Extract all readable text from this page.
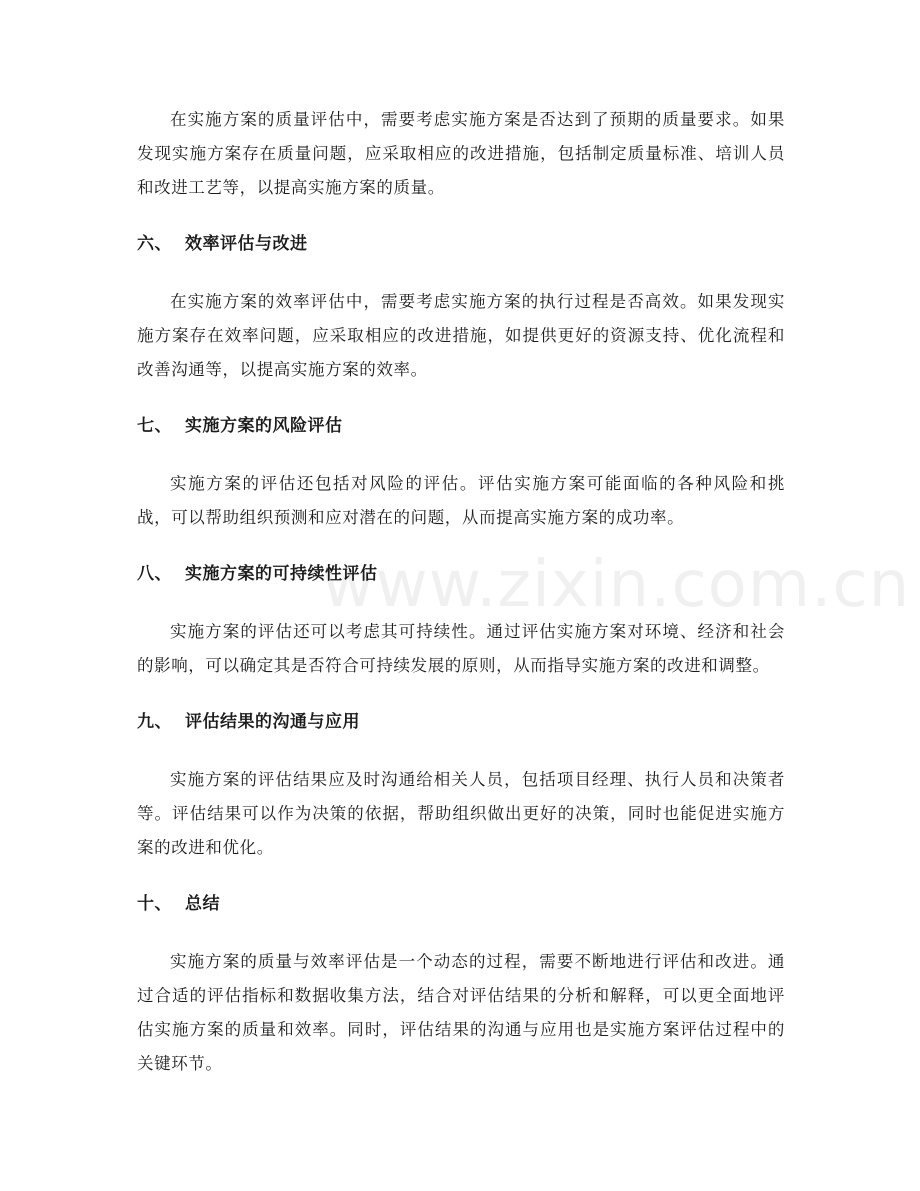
在实施方案的质量评估中，需要考虑实施方案是否达到了预期的质量要求。如果发现实施方案存在质量问题，应采取相应的改进措施，包括制定质量标准、培训人员和改进工艺等，以提高实施方案的质量。

六、 效率评估与改进

在实施方案的效率评估中，需要考虑实施方案的执行过程是否高效。如果发现实施方案存在效率问题，应采取相应的改进措施，如提供更好的资源支持、优化流程和改善沟通等，以提高实施方案的效率。

七、 实施方案的风险评估

实施方案的评估还包括对风险的评估。评估实施方案可能面临的各种风险和挑战，可以帮助组织预测和应对潜在的问题，从而提高实施方案的成功率。

八、 实施方案的可持续性评估

实施方案的评估还可以考虑其可持续性。通过评估实施方案对环境、经济和社会的影响，可以确定其是否符合可持续发展的原则，从而指导实施方案的改进和调整。

九、 评估结果的沟通与应用

实施方案的评估结果应及时沟通给相关人员，包括项目经理、执行人员和决策者等。评估结果可以作为决策的依据，帮助组织做出更好的决策，同时也能促进实施方案的改进和优化。

十、 总结

实施方案的质量与效率评估是一个动态的过程，需要不断地进行评估和改进。通过合适的评估指标和数据收集方法，结合对评估结果的分析和解释，可以更全面地评估实施方案的质量和效率。同时，评估结果的沟通与应用也是实施方案评估过程中的关键环节。

www.zixin.com.cn
